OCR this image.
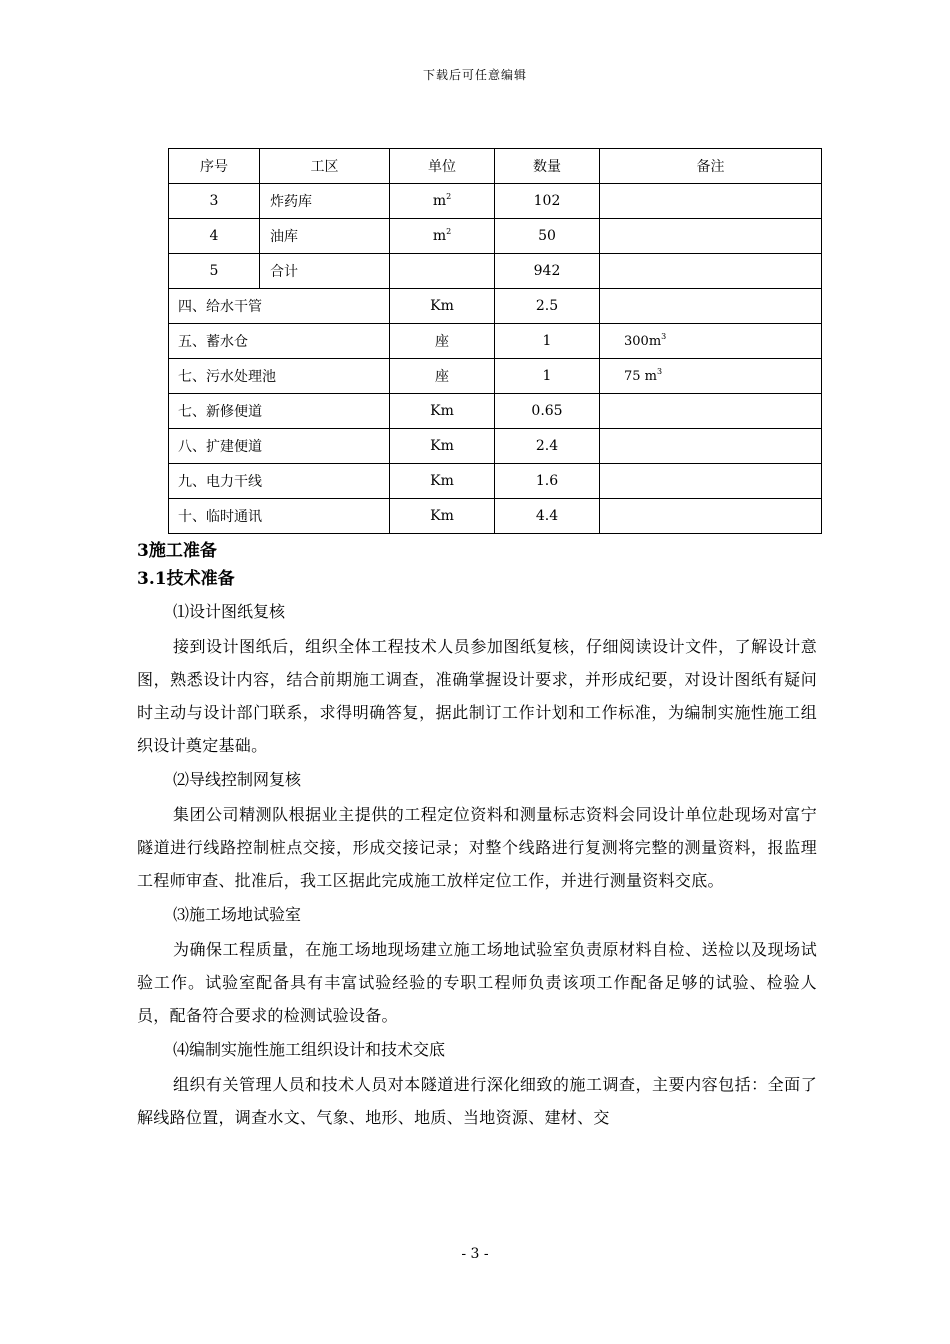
下载后可任意编辑
序号	工区	单位	数量	备注
3	炸药库	$m^2$	102	
4	油库	$m^2$	50	
5	合计		942	
四、给水干管		Km	2.5	
五、蓄水仓		座	1	$300m^3$
七、污水处理池		座	1	75 $m^3$
七、新修便道		Km	0.65	
八、扩建便道		Km	2.4	
九、电力干线		Km	1.6	
十、临时通讯		Km	4.4	
3施工准备
3.1技术准备
⑴设计图纸复核
接到设计图纸后，组织全体工程技术人员参加图纸复核，仔细阅读设计文件，了解设计意图，熟悉设计内容，结合前期施工调查，准确掌握设计要求，并形成纪要，对设计图纸有疑问时主动与设计部门联系，求得明确答复，据此制订工作计划和工作标准，为编制实施性施工组织设计奠定基础。
⑵导线控制网复核
集团公司精测队根据业主提供的工程定位资料和测量标志资料会同设计单位赴现场对富宁隧道进行线路控制桩点交接，形成交接记录；对整个线路进行复测将完整的测量资料，报监理工程师审查、批准后，我工区据此完成施工放样定位工作，并进行测量资料交底。
⑶施工场地试验室
为确保工程质量，在施工场地现场建立施工场地试验室负责原材料自检、送检以及现场试验工作。试验室配备具有丰富试验经验的专职工程师负责该项工作配备足够的试验、检验人员，配备符合要求的检测试验设备。
⑷编制实施性施工组织设计和技术交底
组织有关管理人员和技术人员对本隧道进行深化细致的施工调查，主要内容包括：全面了解线路位置，调查水文、气象、地形、地质、当地资源、建材、交
- 3 -
